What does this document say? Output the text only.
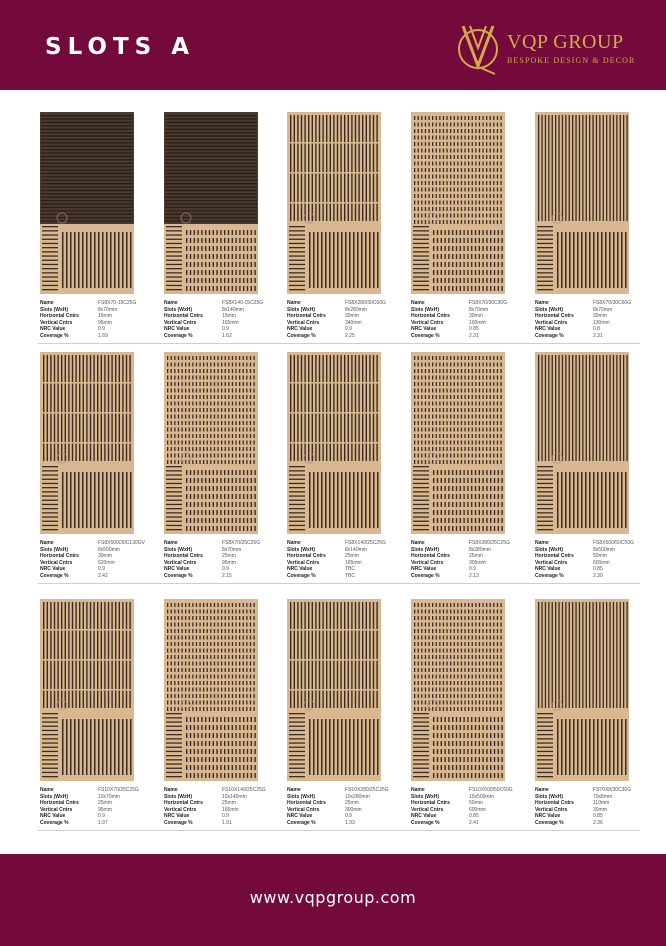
SLOTS A	VQP GROUP
BESPOKE DESIGN & DECOR
Name	FS8X70-15C25G
Slots (WxH)	8x70mm
Horizontal Cntrs	15mm
Vertical Cntrs	95mm
NRC Value	0.9
Coverage %	1.69
Name	FS8X140-15C25G
Slots (WxH)	8x140mm
Horizontal Cntrs	15mm
Vertical Cntrs	165mm
NRC Value	0.9
Coverage %	1.62
Name	FS8X280/30C60G
Slots (WxH)	8x280mm
Horizontal Cntrs	30mm
Vertical Cntrs	340mm
NRC Value	0.9
Coverage %	2.25
Name	FS8X70/30C30G
Slots (WxH)	8x70mm
Horizontal Cntrs	30mm
Vertical Cntrs	100mm
NRC Value	0.85
Coverage %	2.31
Name	FS8X70/30C60G
Slots (WxH)	8x70mm
Horizontal Cntrs	30mm
Vertical Cntrs	130mm
NRC Value	0.8
Coverage %	2.31
Name	FS8X500/30C130GV
Slots (WxH)	8x500mm
Horizontal Cntrs	30mm
Vertical Cntrs	620mm
NRC Value	0.9
Coverage %	2.42
Name	FS8X70/25C25G
Slots (WxH)	8x70mm
Horizontal Cntrs	25mm
Vertical Cntrs	95mm
NRC Value	0.9
Coverage %	2.15
Name	FS8X140/25C25G
Slots (WxH)	8x140mm
Horizontal Cntrs	25mm
Vertical Cntrs	165mm
NRC Value	TBC
Coverage %	TBC
Name	FS8X280/25C25G
Slots (WxH)	8x280mm
Horizontal Cntrs	25mm
Vertical Cntrs	305mm
NRC Value	0.9
Coverage %	2.13
Name	FS8X500/50C50G
Slots (WxH)	8x500mm
Horizontal Cntrs	50mm
Vertical Cntrs	600mm
NRC Value	0.85
Coverage %	2.30
Name	FS10X70/25C25G
Slots (WxH)	10x70mm
Horizontal Cntrs	25mm
Vertical Cntrs	95mm
NRC Value	0.9
Coverage %	1.97
Name	FS10X140/25C25G
Slots (WxH)	10x140mm
Horizontal Cntrs	25mm
Vertical Cntrs	165mm
NRC Value	0.9
Coverage %	1.91
Name	FS10X280/25C25G
Slots (WxH)	10x280mm
Horizontal Cntrs	25mm
Vertical Cntrs	300mm
NRC Value	0.9
Coverage %	1.93
Name	FS10X500/50C60G
Slots (WxH)	10x500mm
Horizontal Cntrs	50mm
Vertical Cntrs	600mm
NRC Value	0.85
Coverage %	2.41
Name	FS70X8/30C30G
Slots (WxH)	70x8mm
Horizontal Cntrs	110mm
Vertical Cntrs	30mm
NRC Value	0.85
Coverage %	2.36
www.vqpgroup.com
